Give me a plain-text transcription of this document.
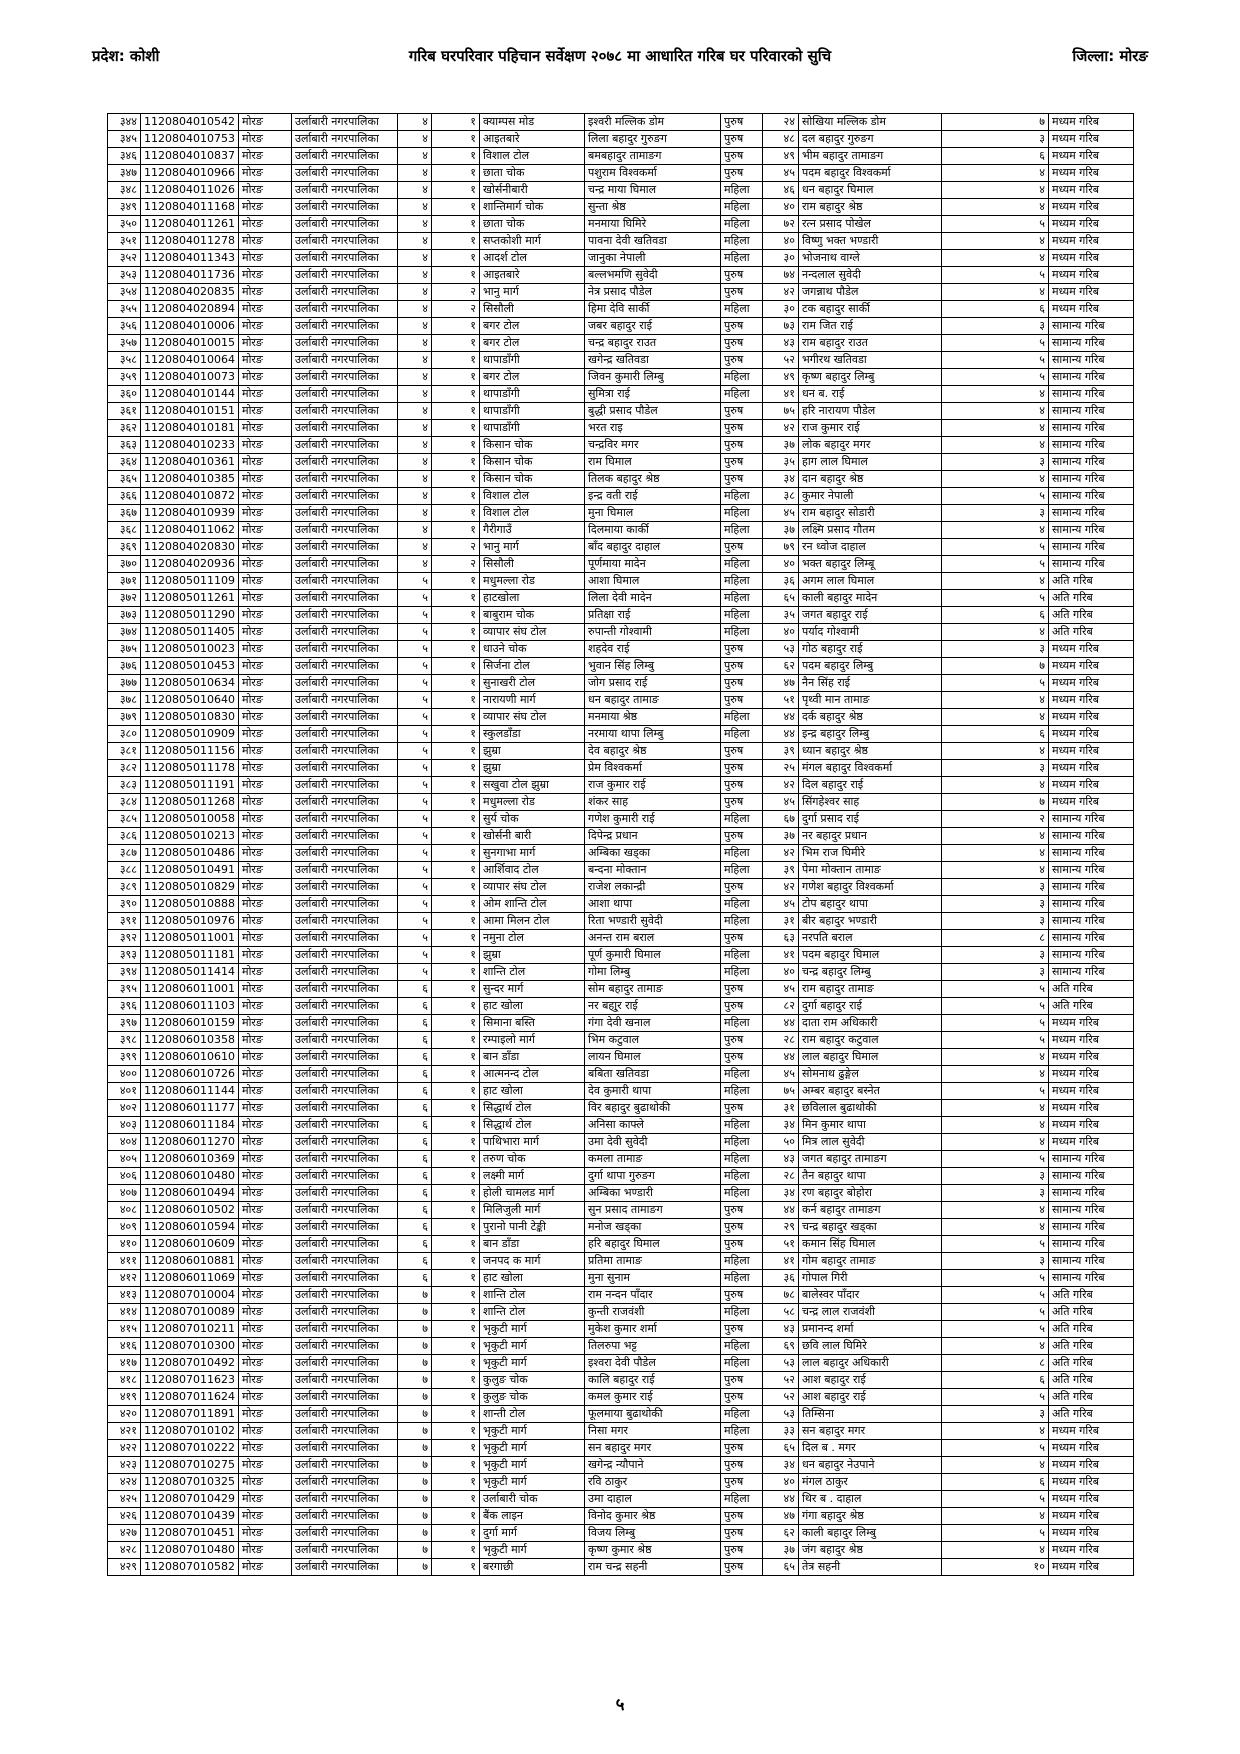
प्रदेश: कोशी	गरिब घरपरिवार पहिचान सर्वेक्षण २०७८ मा आधारित गरिब घर परिवारको सुचि	जिल्ला: मोरङ
३४४	1120804010542	मोरङ	उर्लाबारी नगरपालिका	४	१	क्याम्पस मोड	इश्वरी मल्लिक डोम	पुरुष	२४	सोखिया मल्लिक डोम	७	मध्यम गरिब
३४५	1120804010753	मोरङ	उर्लाबारी नगरपालिका	४	१	आइतबारे	लिला बहादुर गुरुङग	पुरुष	४८	दल बहादुर गुरुङग	३	मध्यम गरिब
३४६	1120804010837	मोरङ	उर्लाबारी नगरपालिका	४	१	विशाल टोल	बमबहादुर तामाङग	पुरुष	४९	भीम बहादुर तामाङग	६	मध्यम गरिब
३४७	1120804010966	मोरङ	उर्लाबारी नगरपालिका	४	१	छाता चोक	पशुराम विश्वकर्मा	पुरुष	४५	पदम बहादुर विश्वकर्मा	४	मध्यम गरिब
३४८	1120804011026	मोरङ	उर्लाबारी नगरपालिका	४	१	खोर्सनीबारी	चन्द्र माया घिमाल	महिला	४६	धन बहादुर घिमाल	४	मध्यम गरिब
३४९	1120804011168	मोरङ	उर्लाबारी नगरपालिका	४	१	शान्तिमार्ग चोक	सुन्ता श्रेष्ठ	महिला	४०	राम बहादुर श्रेष्ठ	४	मध्यम गरिब
३५०	1120804011261	मोरङ	उर्लाबारी नगरपालिका	४	१	छाता चोक	मनमाया घिमिरे	महिला	७२	रत्न प्रसाद पोखेल	५	मध्यम गरिब
३५१	1120804011278	मोरङ	उर्लाबारी नगरपालिका	४	१	सप्तकोशी मार्ग	पावना देवी खतिवडा	महिला	४०	विष्णु भक्त भण्डारी	४	मध्यम गरिब
३५२	1120804011343	मोरङ	उर्लाबारी नगरपालिका	४	१	आदर्श टोल	जानुका नेपाली	महिला	३०	भोजनाथ वाग्ले	४	मध्यम गरिब
३५३	1120804011736	मोरङ	उर्लाबारी नगरपालिका	४	१	आइतबारे	बल्लभमणि सुवेदी	पुरुष	७४	नन्दलाल सुवेदी	५	मध्यम गरिब
३५४	1120804020835	मोरङ	उर्लाबारी नगरपालिका	४	२	भानु मार्ग	नेत्र प्रसाद पौडेल	पुरुष	४२	जगन्नाथ पौडेल	४	मध्यम गरिब
३५५	1120804020894	मोरङ	उर्लाबारी नगरपालिका	४	२	सिसौली	हिमा देवि सार्की	महिला	३०	टक बहादुर सार्की	६	मध्यम गरिब
३५६	1120804010006	मोरङ	उर्लाबारी नगरपालिका	४	१	बगर टोल	जबर बहादुर राई	पुरुष	७३	राम जित राई	३	सामान्य गरिब
३५७	1120804010015	मोरङ	उर्लाबारी नगरपालिका	४	१	बगर टोल	चन्द्र बहादुर राउत	पुरुष	४३	राम बहादुर राउत	५	सामान्य गरिब
३५८	1120804010064	मोरङ	उर्लाबारी नगरपालिका	४	१	थापाडाँगी	खगेन्द्र खतिवडा	पुरुष	५२	भगीरथ खतिवडा	५	सामान्य गरिब
३५९	1120804010073	मोरङ	उर्लाबारी नगरपालिका	४	१	बगर टोल	जिवन कुमारी लिम्बु	महिला	४९	कृष्ण बहादुर लिम्बु	५	सामान्य गरिब
३६०	1120804010144	मोरङ	उर्लाबारी नगरपालिका	४	१	थापाडाँगी	सुमित्रा राई	महिला	४१	धन ब. राई	४	सामान्य गरिब
३६१	1120804010151	मोरङ	उर्लाबारी नगरपालिका	४	१	थापाडाँगी	बुद्धी प्रसाद पौडेल	पुरुष	७५	हरि नारायण पौडेल	४	सामान्य गरिब
३६२	1120804010181	मोरङ	उर्लाबारी नगरपालिका	४	१	थापाडाँगी	भरत राइ	पुरुष	४२	राज कुमार राई	४	सामान्य गरिब
३६३	1120804010233	मोरङ	उर्लाबारी नगरपालिका	४	१	किसान चोक	चन्द्रविर मगर	पुरुष	३७	लोक बहादुर मगर	४	सामान्य गरिब
३६४	1120804010361	मोरङ	उर्लाबारी नगरपालिका	४	१	किसान चोक	राम घिमाल	पुरुष	३५	हाग लाल घिमाल	३	सामान्य गरिब
३६५	1120804010385	मोरङ	उर्लाबारी नगरपालिका	४	१	किसान चोक	तिलक बहादुर श्रेष्ठ	पुरुष	३४	दान बहादुर श्रेष्ठ	४	सामान्य गरिब
३६६	1120804010872	मोरङ	उर्लाबारी नगरपालिका	४	१	विशाल टोल	इन्द्र वती राई	महिला	३८	कुमार नेपाली	५	सामान्य गरिब
३६७	1120804010939	मोरङ	उर्लाबारी नगरपालिका	४	१	विशाल टोल	मुना घिमाल	महिला	४५	राम बहादुर सोडारी	३	सामान्य गरिब
३६८	1120804011062	मोरङ	उर्लाबारी नगरपालिका	४	१	गैरीगाउँ	दिलमाया कार्की	महिला	३७	लक्ष्मि प्रसाद गौतम	४	सामान्य गरिब
३६९	1120804020830	मोरङ	उर्लाबारी नगरपालिका	४	२	भानु मार्ग	बाँद बहादुर दाहाल	पुरुष	७९	रन ध्वोज दाहाल	५	सामान्य गरिब
३७०	1120804020936	मोरङ	उर्लाबारी नगरपालिका	४	२	सिसौली	पूर्णमाया मादेन	महिला	४०	भक्त बहादुर लिम्बू	५	सामान्य गरिब
३७१	1120805011109	मोरङ	उर्लाबारी नगरपालिका	५	१	मधुमल्ला रोड	आशा घिमाल	महिला	३६	अगम लाल घिमाल	४	अति गरिब
३७२	1120805011261	मोरङ	उर्लाबारी नगरपालिका	५	१	हाटखोला	लिला देवी मादेन	महिला	६५	काली बहादुर मादेन	५	अति गरिब
३७३	1120805011290	मोरङ	उर्लाबारी नगरपालिका	५	१	बाबुराम चोक	प्रतिक्षा राई	महिला	३५	जगत बहादुर राई	६	अति गरिब
३७४	1120805011405	मोरङ	उर्लाबारी नगरपालिका	५	१	व्यापार संघ टोल	रुपान्ती गोश्वामी	महिला	४०	पर्याद गोश्वामी	४	अति गरिब
३७५	1120805010023	मोरङ	उर्लाबारी नगरपालिका	५	१	धाउने चोक	शहदेव राई	पुरुष	५३	गोठ बहादुर राई	३	मध्यम गरिब
३७६	1120805010453	मोरङ	उर्लाबारी नगरपालिका	५	१	सिर्जना टोल	भुवान सिंह लिम्बु	पुरुष	६२	पदम बहादुर लिम्बु	७	मध्यम गरिब
३७७	1120805010634	मोरङ	उर्लाबारी नगरपालिका	५	१	सुनाखरी टोल	जोग प्रसाद राई	पुरुष	४७	नैन सिंह राई	५	मध्यम गरिब
३७८	1120805010640	मोरङ	उर्लाबारी नगरपालिका	५	१	नारायणी मार्ग	धन बहादुर तामाङ	पुरुष	५१	पृथ्वी मान तामाङ	४	मध्यम गरिब
३७९	1120805010830	मोरङ	उर्लाबारी नगरपालिका	५	१	व्यापार संघ टोल	मनमाया श्रेष्ठ	महिला	४४	दर्क बहादुर श्रेष्ठ	४	मध्यम गरिब
३८०	1120805010909	मोरङ	उर्लाबारी नगरपालिका	५	१	स्कुलडाँडा	नरमाया थापा लिम्बु	महिला	४४	इन्द्र बहादुर लिम्बु	६	मध्यम गरिब
३८१	1120805011156	मोरङ	उर्लाबारी नगरपालिका	५	१	झुम्रा	देव बहादुर श्रेष्ठ	पुरुष	३९	ध्यान बहादुर श्रेष्ठ	४	मध्यम गरिब
३८२	1120805011178	मोरङ	उर्लाबारी नगरपालिका	५	१	झुम्रा	प्रेम विश्वकर्मा	पुरुष	२५	मंगल बहादुर विश्वकर्मा	३	मध्यम गरिब
३८३	1120805011191	मोरङ	उर्लाबारी नगरपालिका	५	१	सखुवा टोल झुम्रा	राज कुमार राई	पुरुष	४२	दिल बहादुर राई	४	मध्यम गरिब
३८४	1120805011268	मोरङ	उर्लाबारी नगरपालिका	५	१	मधुमल्ला रोड	शंकर साह	पुरुष	४५	सिंगहेश्वर साह	७	मध्यम गरिब
३८५	1120805010058	मोरङ	उर्लाबारी नगरपालिका	५	१	सुर्य चोक	गणेश कुमारी राई	महिला	६७	दुर्गा प्रसाद राई	२	सामान्य गरिब
३८६	1120805010213	मोरङ	उर्लाबारी नगरपालिका	५	१	खोर्सनी बारी	दिपेन्द्र प्रधान	पुरुष	३७	नर बहादुर प्रधान	४	सामान्य गरिब
३८७	1120805010486	मोरङ	उर्लाबारी नगरपालिका	५	१	सुनगाभा मार्ग	अम्बिका खड्का	महिला	४२	भिम राज घिमीरे	४	सामान्य गरिब
३८८	1120805010491	मोरङ	उर्लाबारी नगरपालिका	५	१	आर्शिवाद टोल	बन्दना मोक्तान	महिला	३९	पेमा मोक्तान तामाङ	४	सामान्य गरिब
३८९	1120805010829	मोरङ	उर्लाबारी नगरपालिका	५	१	व्यापार संघ टोल	राजेश लकान्द्री	पुरुष	४२	गणेश बहादुर विश्वकर्मा	३	सामान्य गरिब
३९०	1120805010888	मोरङ	उर्लाबारी नगरपालिका	५	१	ओम शान्ति टोल	आशा थापा	महिला	४५	टोप बहादुर थापा	३	सामान्य गरिब
३९१	1120805010976	मोरङ	उर्लाबारी नगरपालिका	५	१	आमा मिलन टोल	रिता भण्डारी सुवेदी	महिला	३१	बीर बहादुर भण्डारी	३	सामान्य गरिब
३९२	1120805011001	मोरङ	उर्लाबारी नगरपालिका	५	१	नमुना टोल	अनन्त राम बराल	पुरुष	६३	नरपति बराल	८	सामान्य गरिब
३९३	1120805011181	मोरङ	उर्लाबारी नगरपालिका	५	१	झुम्रा	पूर्ण कुमारी घिमाल	महिला	४१	पदम बहादुर घिमाल	३	सामान्य गरिब
३९४	1120805011414	मोरङ	उर्लाबारी नगरपालिका	५	१	शान्ति टोल	गोमा लिम्बु	महिला	४०	चन्द्र बहादुर लिम्बु	३	सामान्य गरिब
३९५	1120806011001	मोरङ	उर्लाबारी नगरपालिका	६	१	सुन्दर मार्ग	सोम बहादुर तामाङ	पुरुष	४५	राम बहादुर तामाङ	५	अति गरिब
३९६	1120806011103	मोरङ	उर्लाबारी नगरपालिका	६	१	हाट खोला	नर बहा्ुर राई	पुरुष	८२	दुर्गा बहादुर राई	५	अति गरिब
३९७	1120806010159	मोरङ	उर्लाबारी नगरपालिका	६	१	सिमाना बस्ति	गंगा देवी खनाल	महिला	४४	दाता राम अधिकारी	५	मध्यम गरिब
३९८	1120806010358	मोरङ	उर्लाबारी नगरपालिका	६	१	रम्पाइलो मार्ग	भिम कटुवाल	पुरुष	२८	राम बहादुर कटुवाल	५	मध्यम गरिब
३९९	1120806010610	मोरङ	उर्लाबारी नगरपालिका	६	१	बान डाँडा	लायन घिमाल	पुरुष	४४	लाल बहादुर घिमाल	४	मध्यम गरिब
४००	1120806010726	मोरङ	उर्लाबारी नगरपालिका	६	१	आत्मनन्द टोल	बबिता खतिवडा	महिला	४५	सोमनाथ ढुङ्गेल	४	मध्यम गरिब
४०१	1120806011144	मोरङ	उर्लाबारी नगरपालिका	६	१	हाट खोला	देव कुमारी थापा	महिला	७५	अम्बर बहादुर बस्नेत	५	मध्यम गरिब
४०२	1120806011177	मोरङ	उर्लाबारी नगरपालिका	६	१	सिद्धार्थ टोल	विर बहादुर बुढाथोकी	पुरुष	३१	छविलाल बुढाथोकी	४	मध्यम गरिब
४०३	1120806011184	मोरङ	उर्लाबारी नगरपालिका	६	१	सिद्धार्थ टोल	अनिसा काफ्ले	महिला	३४	मिन कुमार थापा	४	मध्यम गरिब
४०४	1120806011270	मोरङ	उर्लाबारी नगरपालिका	६	१	पाथिभारा मार्ग	उमा देवी सुवेदी	महिला	५०	मित्र लाल सुवेदी	४	मध्यम गरिब
४०५	1120806010369	मोरङ	उर्लाबारी नगरपालिका	६	१	तरुण चोक	कमला तामाङ	महिला	४३	जगत बहादुर तामाङग	५	सामान्य गरिब
४०६	1120806010480	मोरङ	उर्लाबारी नगरपालिका	६	१	लक्ष्मी मार्ग	दुर्गा थापा गुरुङग	महिला	२८	तैन बहादुर थापा	३	सामान्य गरिब
४०७	1120806010494	मोरङ	उर्लाबारी नगरपालिका	६	१	होली चामलड मार्ग	अम्बिका भण्डारी	महिला	३४	रण बहादुर बोहोरा	३	सामान्य गरिब
४०८	1120806010502	मोरङ	उर्लाबारी नगरपालिका	६	१	मिलिजुली मार्ग	सुन प्रसाद तामाङग	पुरुष	४४	कर्न बहादुर तामाङग	४	सामान्य गरिब
४०९	1120806010594	मोरङ	उर्लाबारी नगरपालिका	६	१	पुरानो पानी टेङ्की	मनोज खड्का	पुरुष	२९	चन्द्र बहादुर खड्का	४	सामान्य गरिब
४१०	1120806010609	मोरङ	उर्लाबारी नगरपालिका	६	१	बान डाँडा	हरि बहादुर घिमाल	पुरुष	५१	कमान सिंह घिमाल	५	सामान्य गरिब
४११	1120806010881	मोरङ	उर्लाबारी नगरपालिका	६	१	जनपद क मार्ग	प्रतिमा तामाङ	महिला	४१	गोम बहादुर तामाङ	३	सामान्य गरिब
४१२	1120806011069	मोरङ	उर्लाबारी नगरपालिका	६	१	हाट खोला	मुना सुनाम	महिला	३६	गोपाल गिरी	५	सामान्य गरिब
४१३	1120807010004	मोरङ	उर्लाबारी नगरपालिका	७	१	शान्ति टोल	राम नन्दन पाँदार	पुरुष	७८	बालेस्वर पाँदार	५	अति गरिब
४१४	1120807010089	मोरङ	उर्लाबारी नगरपालिका	७	१	शान्ति टोल	कुन्ती राजवंशी	महिला	५८	चन्द्र लाल राजवंशी	५	अति गरिब
४१५	1120807010211	मोरङ	उर्लाबारी नगरपालिका	७	१	भृकुटी मार्ग	मुकेश कुमार शर्मा	पुरुष	४३	प्रमानन्द शर्मा	५	अति गरिब
४१६	1120807010300	मोरङ	उर्लाबारी नगरपालिका	७	१	भृकुटी मार्ग	तिलरुपा भट्ट	महिला	६९	छवि लाल घिमिरे	४	अति गरिब
४१७	1120807010492	मोरङ	उर्लाबारी नगरपालिका	७	१	भृकुटी मार्ग	इश्वरा देवी पौडेल	महिला	५३	लाल बहादुर अधिकारी	८	अति गरिब
४१८	1120807011623	मोरङ	उर्लाबारी नगरपालिका	७	१	कुलुङ चोक	कालि बहादुर राई	पुरुष	५२	आश बहादुर राई	६	अति गरिब
४१९	1120807011624	मोरङ	उर्लाबारी नगरपालिका	७	१	कुलुङ चोक	कमल कुमार राई	पुरुष	५२	आश बहादुर राई	५	अति गरिब
४२०	1120807011891	मोरङ	उर्लाबारी नगरपालिका	७	१	शान्ती टोल	फूलमाया बुढाथोकी	महिला	५३	तिम्सिना	३	अति गरिब
४२१	1120807010102	मोरङ	उर्लाबारी नगरपालिका	७	१	भृकुटी मार्ग	निसा मगर	महिला	३३	सन बहादुर मगर	४	मध्यम गरिब
४२२	1120807010222	मोरङ	उर्लाबारी नगरपालिका	७	१	भृकुटी मार्ग	सन बहादुर मगर	पुरुष	६५	दिल ब . मगर	५	मध्यम गरिब
४२३	1120807010275	मोरङ	उर्लाबारी नगरपालिका	७	१	भृकुटी मार्ग	खगेन्द्र न्यौपाने	पुरुष	३४	धन बहादुर नेउपाने	४	मध्यम गरिब
४२४	1120807010325	मोरङ	उर्लाबारी नगरपालिका	७	१	भृकुटी मार्ग	रवि ठाकुर	पुरुष	४०	मंगल ठाकुर	६	मध्यम गरिब
४२५	1120807010429	मोरङ	उर्लाबारी नगरपालिका	७	१	उर्लाबारी चोक	उमा दाहाल	महिला	४४	थिर ब . दाहाल	५	मध्यम गरिब
४२६	1120807010439	मोरङ	उर्लाबारी नगरपालिका	७	१	बैंक लाइन	विनोद कुमार श्रेष्ठ	पुरुष	४७	गंगा बहादुर श्रेष्ठ	४	मध्यम गरिब
४२७	1120807010451	मोरङ	उर्लाबारी नगरपालिका	७	१	दुर्गा मार्ग	विजय लिम्बु	पुरुष	६२	काली बहादुर लिम्बु	५	मध्यम गरिब
४२८	1120807010480	मोरङ	उर्लाबारी नगरपालिका	७	१	भृकुटी मार्ग	कृष्ण कुमार श्रेष्ठ	पुरुष	३७	जंग बहादुर श्रेष्ठ	४	मध्यम गरिब
४२९	1120807010582	मोरङ	उर्लाबारी नगरपालिका	७	१	बरगाछी	राम चन्द्र सहनी	पुरुष	६५	तेत्र सहनी	१०	मध्यम गरिब
५
